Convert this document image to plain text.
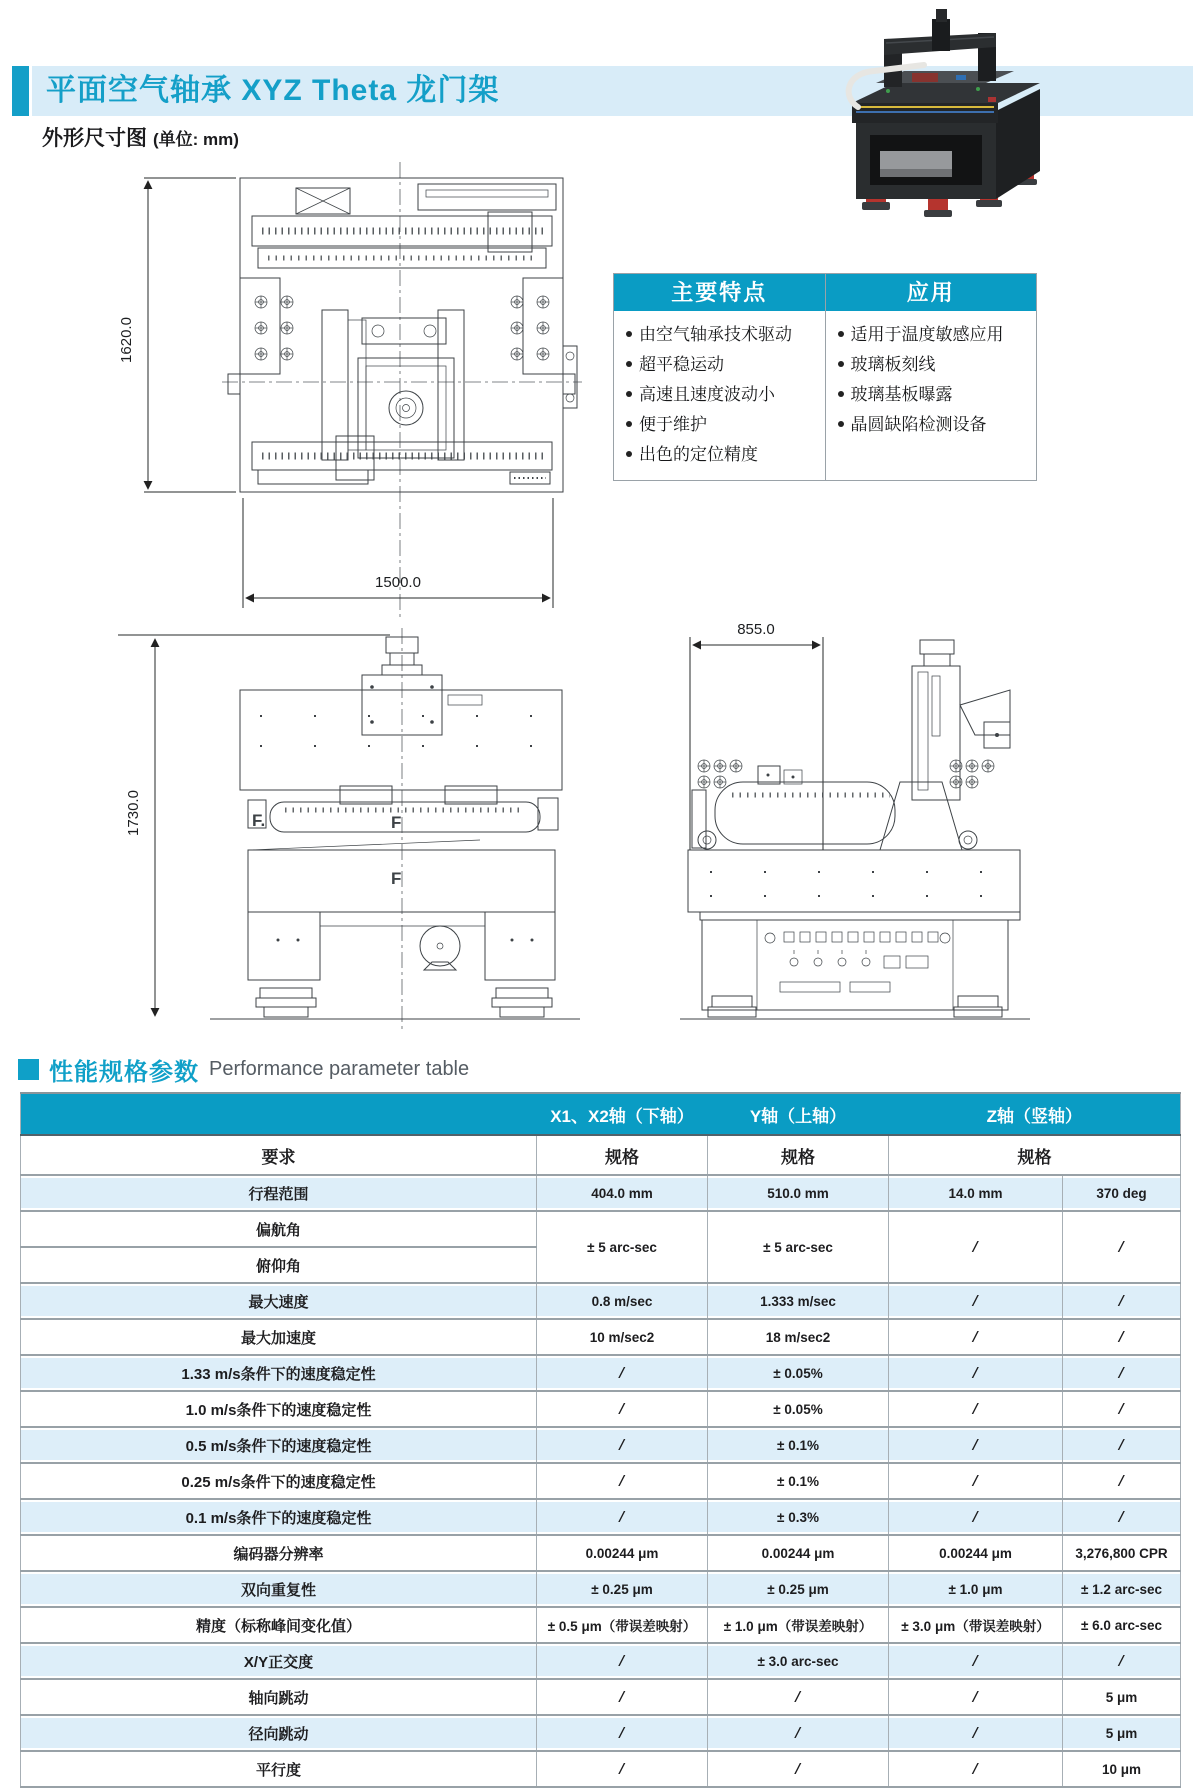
平面空气轴承 XYZ Theta 龙门架
外形尺寸图 (单位: mm)
1620.0
1500.0
F.	F
F
1730.0
855.0
主要特点
由空气轴承技术驱动
超平稳运动
高速且速度波动小
便于维护
出色的定位精度
应用
适用于温度敏感应用
玻璃板刻线
玻璃基板曝露
晶圆缺陷检测设备
性能规格参数 Performance parameter table
	X1、X2轴（下轴）	Y轴（上轴）	Z轴（竖轴）	
要求	规格	规格	规格	
行程范围	404.0 mm	510.0 mm	14.0 mm	370 deg
偏航角	± 5 arc-sec	± 5 arc-sec	/	/
俯仰角				
最大速度	0.8 m/sec	1.333 m/sec	/	/
最大加速度	10 m/sec2	18 m/sec2	/	/
1.33 m/s条件下的速度稳定性	/	± 0.05%	/	/
1.0 m/s条件下的速度稳定性	/	± 0.05%	/	/
0.5 m/s条件下的速度稳定性	/	± 0.1%	/	/
0.25 m/s条件下的速度稳定性	/	± 0.1%	/	/
0.1 m/s条件下的速度稳定性	/	± 0.3%	/	/
编码器分辨率	0.00244 μm	0.00244 μm	0.00244 μm	3,276,800 CPR
双向重复性	± 0.25 μm	± 0.25 μm	± 1.0 μm	± 1.2 arc-sec
精度（标称峰间变化值）	± 0.5 μm（带误差映射）	± 1.0 μm（带误差映射）	± 3.0 μm（带误差映射）	± 6.0 arc-sec
X/Y正交度	/	± 3.0 arc-sec	/	/
轴向跳动	/	/	/	5 μm
径向跳动	/	/	/	5 μm
平行度	/	/	/	10 μm
